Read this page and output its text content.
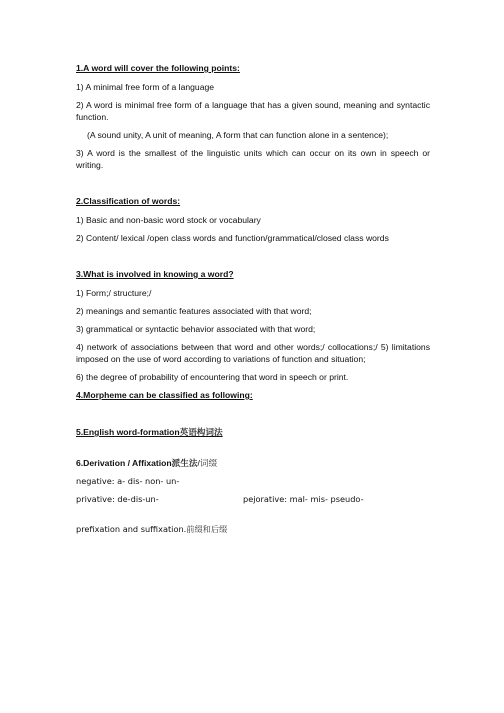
1.A word will cover the following points:
1) A minimal free form of a language
2) A word is minimal free form of a language that has a given sound, meaning and syntactic function.
(A sound unity, A unit of meaning, A form that can function alone in a sentence);
3) A word is the smallest of the linguistic units which can occur on its own in speech or writing.
2.Classification of words:
1) Basic and non-basic word stock or vocabulary
2) Content/ lexical /open class words and function/grammatical/closed class words
3.What is involved in knowing a word?
1) Form;/ structure;/
2) meanings and semantic features associated with that word;
3) grammatical or syntactic behavior associated with that word;
4) network of associations between that word and other words;/ collocations;/ 5) limitations imposed on the use of word according to variations of function and situation;
6) the degree of probability of encountering that word in speech or print.
4.Morpheme can be classified as following:
5.English word-formation英语构词法
6.Derivation / Affixation派生法/词缀
negative: a- dis- non- un-
privative: de-dis-un-	pejorative: mal- mis- pseudo-
prefixation and suffixation.前缀和后缀
